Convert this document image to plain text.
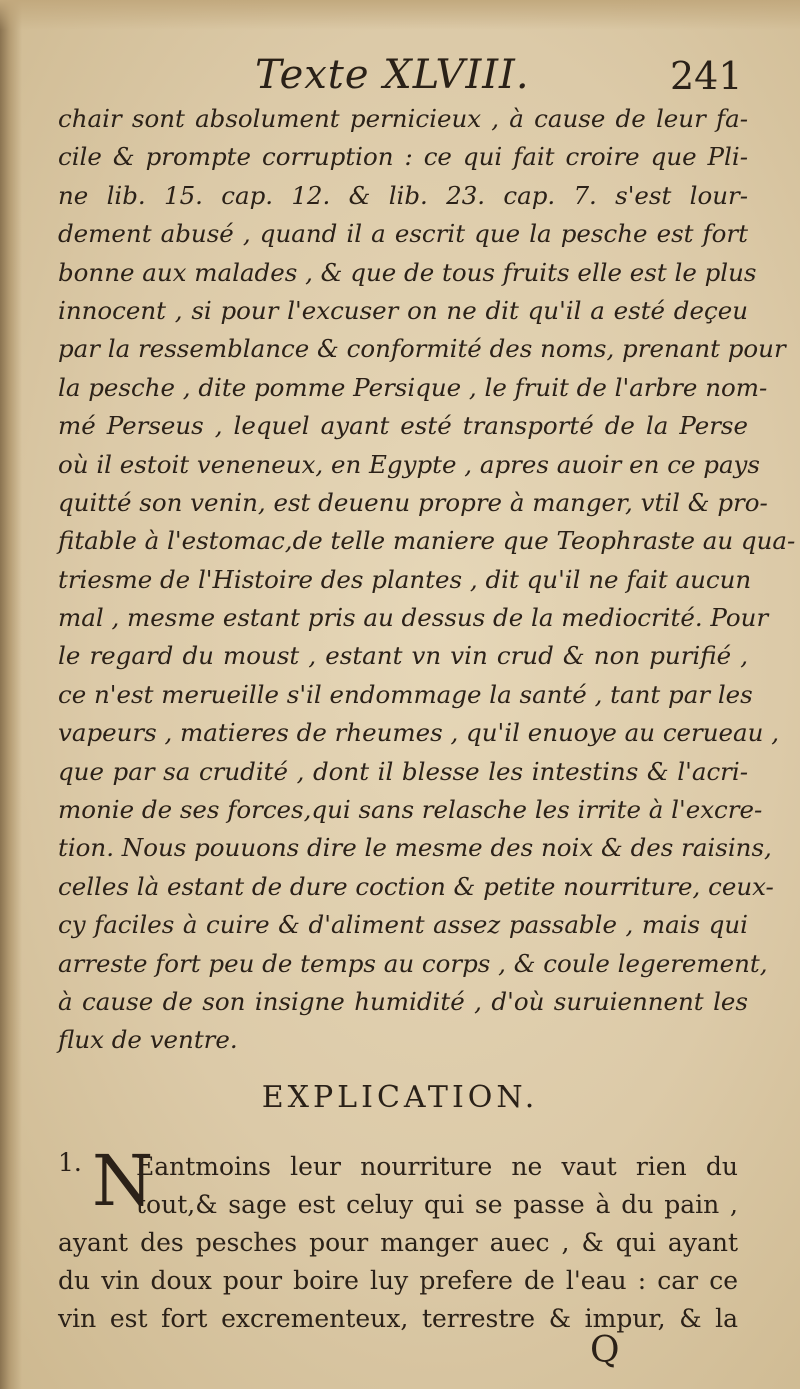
Texte XLVIII.	241
chair sont absolument pernicieux , à cause de leur fa-
cile & prompte corruption : ce qui fait croire que Pli-
ne lib. 15. cap. 12. & lib. 23. cap. 7. s'est lour-
dement abusé , quand il a escrit que la pesche est fort
bonne aux malades , & que de tous fruits elle est le plus
innocent , si pour l'excuser on ne dit qu'il a esté deçeu
par la ressemblance & conformité des noms, prenant pour
la pesche , dite pomme Persique , le fruit de l'arbre nom-
mé Perseus , lequel ayant esté transporté de la Perse
où il estoit veneneux, en Egypte , apres auoir en ce pays
quitté son venin, est deuenu propre à manger, vtil & pro-
fitable à l'estomac,de telle maniere que Teophraste au qua-
triesme de l'Histoire des plantes , dit qu'il ne fait aucun
mal , mesme estant pris au dessus de la mediocrité. Pour
le regard du moust , estant vn vin crud & non purifié ,
ce n'est merueille s'il endommage la santé , tant par les
vapeurs , matieres de rheumes , qu'il enuoye au cerueau ,
que par sa crudité , dont il blesse les intestins & l'acri-
monie de ses forces,qui sans relasche les irrite à l'excre-
tion. Nous pouuons dire le mesme des noix & des raisins,
celles là estant de dure coction & petite nourriture, ceux-
cy faciles à cuire & d'aliment assez passable , mais qui
arreste fort peu de temps au corps , & coule legerement,
à cause de son insigne humidité , d'où suruiennent les
flux de ventre.
EXPLICATION.
1. N
Eantmoins leur nourriture ne vaut rien du
tout,& sage est celuy qui se passe à du pain ,
ayant des pesches pour manger auec , & qui ayant
du vin doux pour boire luy prefere de l'eau : car ce
vin est fort excrementeux, terrestre & impur, & la
Q
